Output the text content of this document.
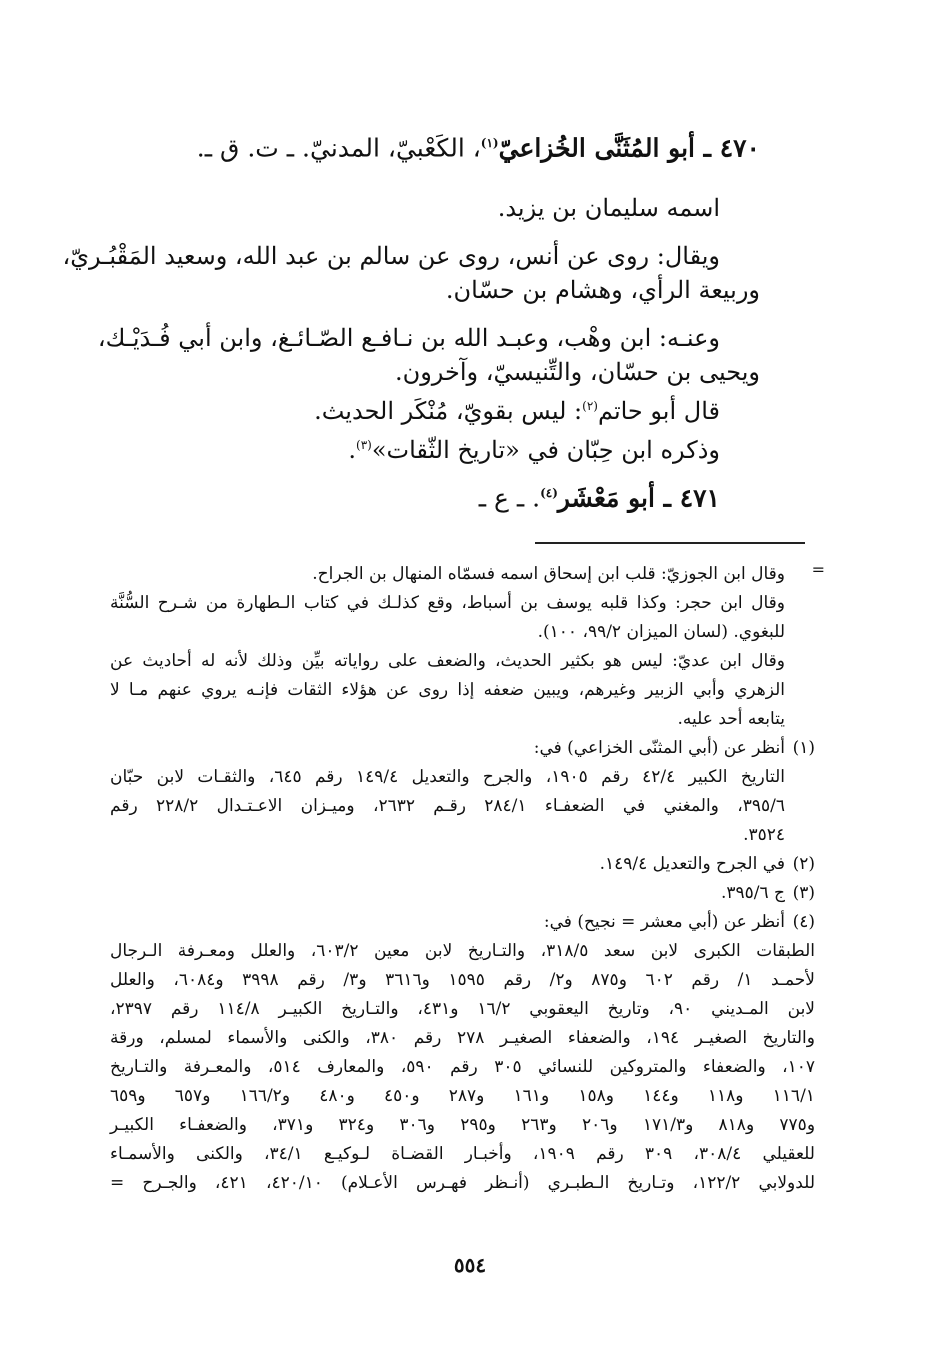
٤٧٠ ـ أبو المُثَنَّى الخُزاعيّ$^{(١)}$، الكَعْبيّ، المدنيّ. ـ ت. ق ـ.

اسمه سليمان بن يزيد.

ويقال: روى عن أنس، روى عن سالم بن عبد الله، وسعيد المَقْبُـريّ،

وربيعة الرأي، وهشام بن حسّان.

وعنـه: ابن وهْب، وعبـد الله بن نـافـع الصّـائـغ، وابن أبي فُـدَيْـك،

ويحيى بن حسّان، والتِّنيسيّ، وآخرون.

قال أبو حاتم$^{(٢)}$: ليس بقويّ، مُنْكَر الحديث.

وذكره ابن حِبّان في «تاريخ الثّقات»$^{(٣)}$.

٤٧١ ـ أبو مَعْشَر$^{(٤)}$. ـ ع ـ

=

وقال ابن الجوزيّ: قلب ابن إسحاق اسمه فسمّاه المنهال بن الجراح.

وقال ابن حجر: وكذا قلبه يوسف بن أسباط، وقع كذلـك في كتاب الـطهارة من شـرح السُّنَّة

للبغوي. (لسان الميزان ٩٩/٢، ١٠٠).

وقال ابن عديّ: ليس هو بكثير الحديث، والضعف على رواياته بيِّن وذلك لأنه له أحاديث عن

الزهري وأبي الزبير وغيرهم، ويبين ضعفه إذا روى عن هؤلاء الثقات فإنـه يروي عنهم مـا لا

يتابعه أحد عليه.

(١)

أنظر عن (أبي المثنّى الخزاعي) في:

التاريخ الكبير ٤٢/٤ رقم ١٩٠٥، والجرح والتعديل ١٤٩/٤ رقم ٦٤٥، والثقـات لابن حبّان

٣٩٥/٦، والمغني في الضعفـاء ٢٨٤/١ رقـم ٢٦٣٢، وميـزان الاعـتـدال ٢٢٨/٢ رقم

٣٥٢٤.

(٢)

في الجرح والتعديل ١٤٩/٤.

(٣)

ج ٣٩٥/٦.

(٤)

أنظر عن (أبي معشر = نجيح) في:

الطبقات الكبرى لابن سعد ٣١٨/٥، والتـاريخ لابن معين ٦٠٣/٢، والعلل ومعـرفة الـرجال

لأحمـد ١/ رقم ٦٠٢ و٨٧٥ و٢/ رقم ١٥٩٥ و٣٦١٦ و٣/ رقم ٣٩٩٨ و٦٠٨٤، والعلل

لابن المـديني ٩٠، وتاريخ اليعقوبي ١٦/٢ و٤٣١، والتـاريخ الكبيـر ١١٤/٨ رقم ٢٣٩٧،

والتاريخ الصغيـر ١٩٤، والضعفاء الصغيـر ٢٧٨ رقم ٣٨٠، والكنى والأسماء لمسلم، ورقة

١٠٧، والضعفاء والمتروكين للنسائي ٣٠٥ رقم ٥٩٠، والمعارف ٥١٤، والمعـرفة والتـاريخ

١١٦/١ و١١٨ و١٤٤ و١٥٨ و١٦١ و٢٨٧ و٤٥٠ و٤٨٠ و١٦٦/٢ و٦٥٧ و٦٥٩

و٧٧٥ و٨١٨ و١٧١/٣ و٢٠٦ و٢٦٣ و٢٩٥ و٣٠٦ و٣٢٤ و٣٧١، والضعفـاء الكبيـر

للعقيلي ٣٠٨/٤، ٣٠٩ رقم ١٩٠٩، وأخبـار القضـاة لـوكيـع ٣٤/١، والكنى والأسمـاء

للدولابي ١٢٢/٢، وتـاريخ الـطبـري (أنـظر فهـرس الأعـلام) ٤٢٠/١٠، ٤٢١، والجـرح =

٥٥٤
